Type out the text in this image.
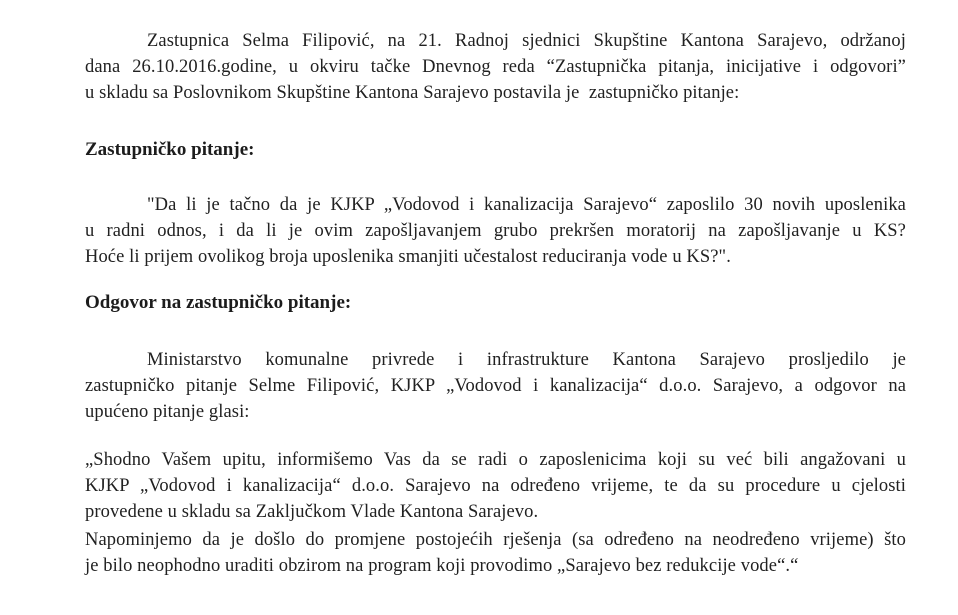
Zastupnica Selma Filipović, na 21. Radnoj sjednici Skupštine Kantona Sarajevo, održanoj
dana 26.10.2016.godine, u okviru tačke Dnevnog reda “Zastupnička pitanja, inicijative i odgovori”
u skladu sa Poslovnikom Skupštine Kantona Sarajevo postavila je  zastupničko pitanje:
Zastupničko pitanje:
"Da li je tačno da je KJKP „Vodovod i kanalizacija Sarajevo“ zaposlilo 30 novih uposlenika
u radni odnos, i da li je ovim zapošljavanjem grubo prekršen moratorij na zapošljavanje u KS?
Hoće li prijem ovolikog broja uposlenika smanjiti učestalost reduciranja vode u KS?".
Odgovor na zastupničko pitanje:
Ministarstvo  komunalne  privrede  i  infrastrukture  Kantona  Sarajevo  prosljedilo  je
zastupničko pitanje Selme Filipović, KJKP „Vodovod i kanalizacija“ d.o.o. Sarajevo, a odgovor na
upućeno pitanje glasi:
„Shodno Vašem upitu, informišemo Vas da se radi o zaposlenicima koji su već bili angažovani u
KJKP „Vodovod i kanalizacija“ d.o.o. Sarajevo na određeno vrijeme, te da su procedure u cjelosti
provedene u skladu sa Zaključkom Vlade Kantona Sarajevo.
Napominjemo da je došlo do promjene postojećih rješenja (sa određeno na neodređeno vrijeme) što
je bilo neophodno uraditi obzirom na program koji provodimo „Sarajevo bez redukcije vode“.“
